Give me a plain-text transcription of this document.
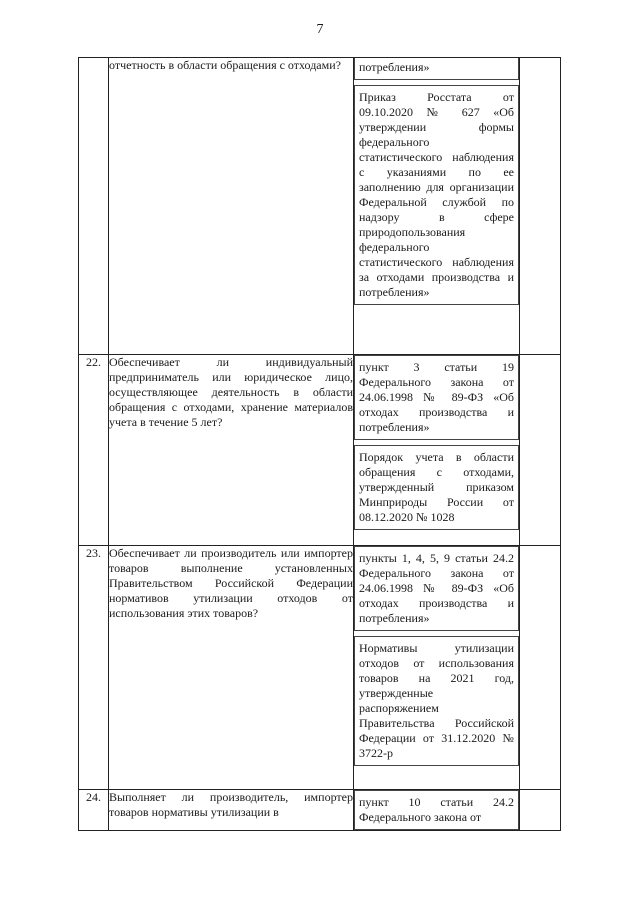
7
	отчетность в области обращения с отходами?	потребления»
Приказ Росстата от 09.10.2020 № 627 «Об утверждении формы федерального статистического наблюдения с указаниями по ее заполнению для организации Федеральной службой по надзору в сфере природопользования федерального статистического наблюдения за отходами производства и потребления»	

22.	Обеспечивает ли индивидуальный предприниматель или юридическое лицо, осуществляющее деятельность в области обращения с отходами, хранение материалов учета в течение 5 лет?	пункт 3 статьи 19 Федерального закона от 24.06.1998 № 89-ФЗ «Об отходах производства и потребления»
Порядок учета в области обращения с отходами, утвержденный приказом Минприроды России от 08.12.2020 № 1028	

23.	Обеспечивает ли производитель или импортер товаров выполнение установленных Правительством Российской Федерации нормативов утилизации отходов от использования этих товаров?	пункты 1, 4, 5, 9 статьи 24.2 Федерального закона от 24.06.1998 № 89-ФЗ «Об отходах производства и потребления»
Нормативы утилизации отходов от использования товаров на 2021 год, утвержденные распоряжением Правительства Российской Федерации от 31.12.2020 № 3722-р	

24.	Выполняет ли производитель, импортер товаров нормативы утилизации в	пункт 10 статьи 24.2 Федерального закона от	
